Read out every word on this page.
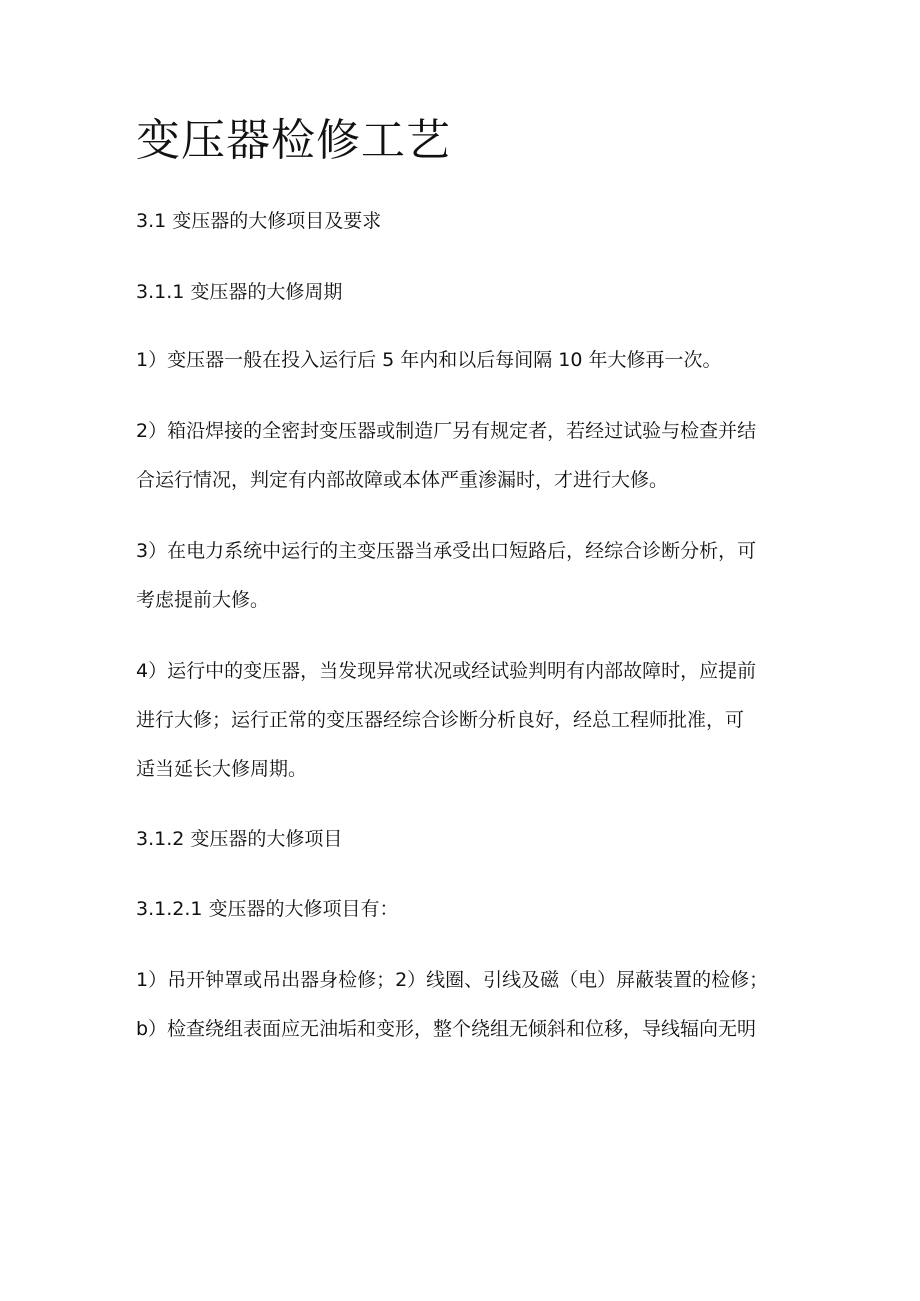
变压器检修工艺

3.1 变压器的大修项目及要求

3.1.1 变压器的大修周期

1）变压器一般在投入运行后 5 年内和以后每间隔 10 年大修再一次。

2）箱沿焊接的全密封变压器或制造厂另有规定者，若经过试验与检查并结

合运行情况，判定有内部故障或本体严重渗漏时，才进行大修。

3）在电力系统中运行的主变压器当承受出口短路后，经综合诊断分析，可

考虑提前大修。

4）运行中的变压器，当发现异常状况或经试验判明有内部故障时，应提前

进行大修；运行正常的变压器经综合诊断分析良好，经总工程师批准，可

适当延长大修周期。

3.1.2 变压器的大修项目

3.1.2.1 变压器的大修项目有：

1）吊开钟罩或吊出器身检修；2）线圈、引线及磁（电）屏蔽装置的检修；

b）检查绕组表面应无油垢和变形，整个绕组无倾斜和位移，导线辐向无明
